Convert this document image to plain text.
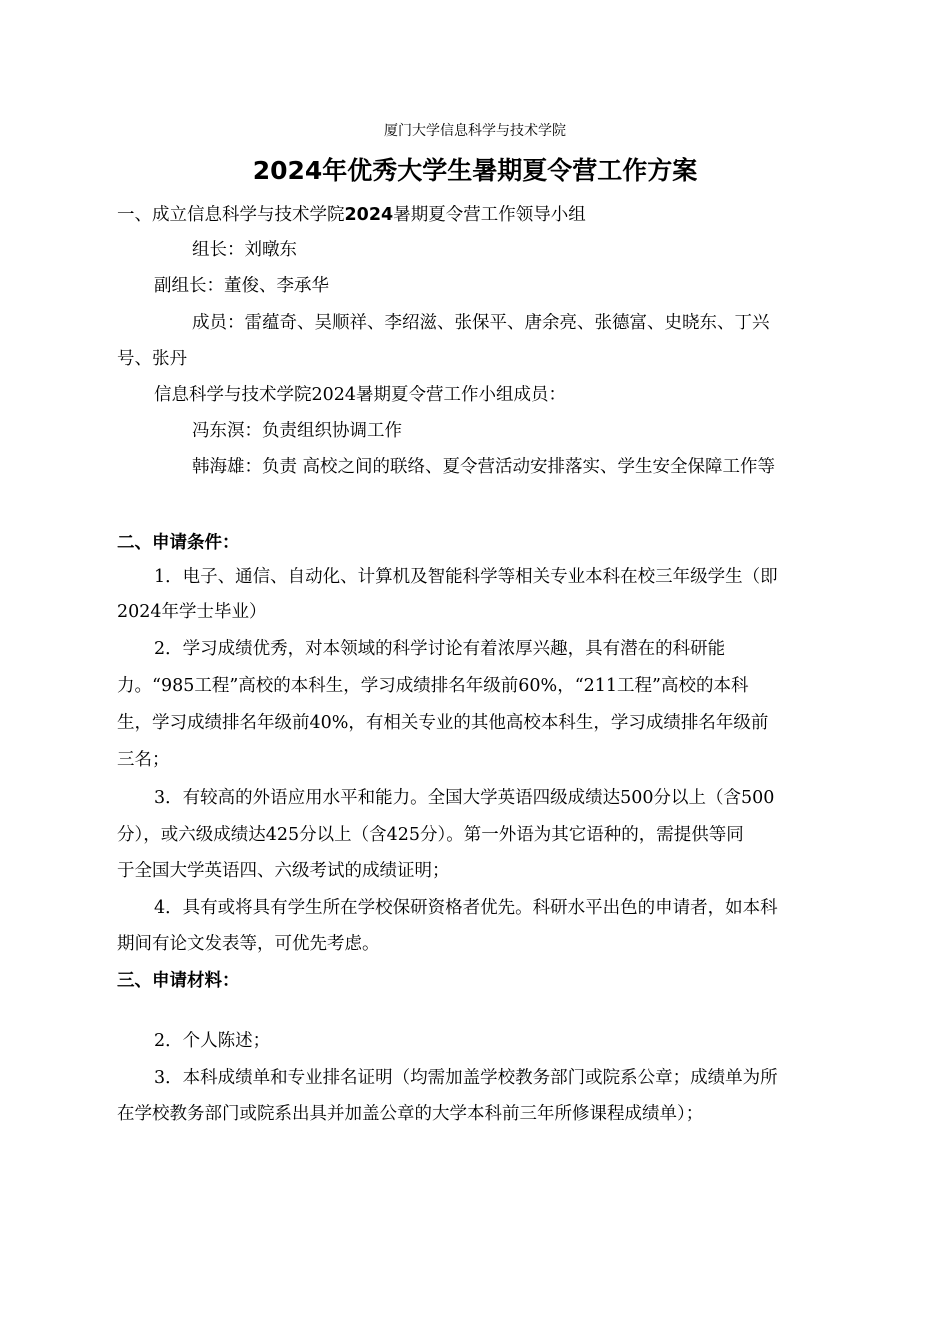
厦门大学信息科学与技术学院
2024年优秀大学生暑期夏令营工作方案
一、成立信息科学与技术学院2024暑期夏令营工作领导小组
组长：刘暾东
副组长：董俊、李承华
成员：雷蕴奇、吴顺祥、李绍滋、张保平、唐余亮、张德富、史晓东、丁兴
号、张丹
信息科学与技术学院2024暑期夏令营工作小组成员：
冯东溟：负责组织协调工作
韩海雄：负责 高校之间的联络、夏令营活动安排落实、学生安全保障工作等
二、申请条件：
1．电子、通信、自动化、计算机及智能科学等相关专业本科在校三年级学生（即
2024年学士毕业）
2．学习成绩优秀，对本领域的科学讨论有着浓厚兴趣，具有潜在的科研能
力。“985工程”高校的本科生，学习成绩排名年级前60%，“211工程”高校的本科
生，学习成绩排名年级前40%，有相关专业的其他高校本科生，学习成绩排名年级前
三名；
3．有较高的外语应用水平和能力。全国大学英语四级成绩达500分以上（含500
分），或六级成绩达425分以上（含425分）。第一外语为其它语种的，需提供等同
于全国大学英语四、六级考试的成绩证明；
4．具有或将具有学生所在学校保研资格者优先。科研水平出色的申请者，如本科
期间有论文发表等，可优先考虑。
三、申请材料：
2．个人陈述；
3．本科成绩单和专业排名证明（均需加盖学校教务部门或院系公章；成绩单为所
在学校教务部门或院系出具并加盖公章的大学本科前三年所修课程成绩单）；
